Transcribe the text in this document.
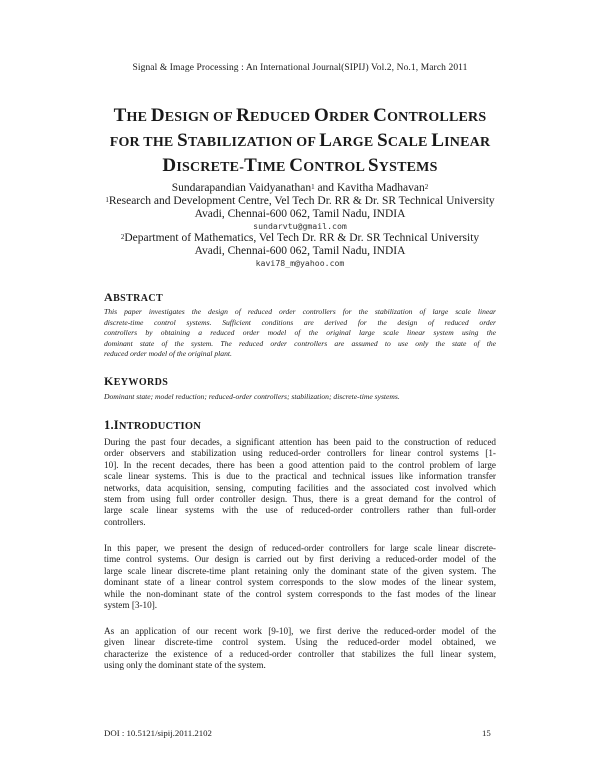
Signal & Image Processing : An International Journal(SIPIJ) Vol.2, No.1, March 2011
THE DESIGN OF REDUCED ORDER CONTROLLERS
FOR THE STABILIZATION OF LARGE SCALE LINEAR
DISCRETE-TIME CONTROL SYSTEMS
Sundarapandian Vaidyanathan$^1$ and Kavitha Madhavan$^2$
$^1$Research and Development Centre, Vel Tech Dr. RR & Dr. SR Technical University
Avadi, Chennai-600 062, Tamil Nadu, INDIA
sundarvtu@gmail.com
$^2$Department of Mathematics, Vel Tech Dr. RR & Dr. SR Technical University
Avadi, Chennai-600 062, Tamil Nadu, INDIA
kavi78_m@yahoo.com
ABSTRACT
This paper investigates the design of reduced order controllers for the stabilization of large scale linear
discrete-time control systems. Sufficient conditions are derived for the design of reduced order
controllers by obtaining a reduced order model of the original large scale linear system using the
dominant state of the system. The reduced order controllers are assumed to use only the state of the
reduced order model of the original plant.
KEYWORDS
Dominant state; model reduction; reduced-order controllers; stabilization; discrete-time systems.
1.INTRODUCTION
During the past four decades, a significant attention has been paid to the construction of reduced
order observers and stabilization using reduced-order controllers for linear control systems [1-
10]. In the recent decades, there has been a good attention paid to the control problem of large
scale linear systems. This is due to the practical and technical issues like information transfer
networks, data acquisition, sensing, computing facilities and the associated cost involved which
stem from using full order controller design. Thus, there is a great demand for the control of
large scale linear systems with the use of reduced-order controllers rather than full-order
controllers.
In this paper, we present the design of reduced-order controllers for large scale linear discrete-
time control systems. Our design is carried out by first deriving a reduced-order model of the
large scale linear discrete-time plant retaining only the dominant state of the given system. The
dominant state of a linear control system corresponds to the slow modes of the linear system,
while the non-dominant state of the control system corresponds to the fast modes of the linear
system [3-10].
As an application of our recent work [9-10], we first derive the reduced-order model of the
given linear discrete-time control system. Using the reduced-order model obtained, we
characterize the existence of a reduced-order controller that stabilizes the full linear system,
using only the dominant state of the system.
DOI : 10.5121/sipij.2011.2102	15
